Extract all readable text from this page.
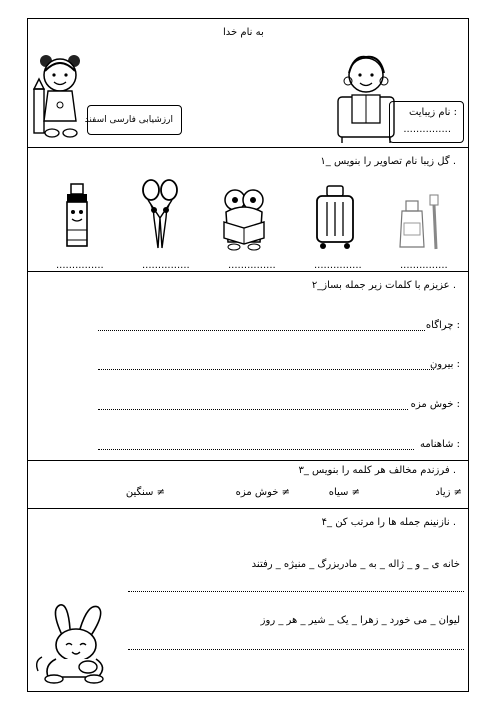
به نام خدا
ارزشیابی فارسی اسفند
نام زیبایت :
...............
۱_ گل زیبا نام تصاویر را بنویس .
...............
...............
...............
...............
...............
۲_عزیزم با کلمات زیر جمله بساز .
چراگاه :
بیرون :
خوش مزه :
شاهنامه :
۳_ فرزندم مخالف هر کلمه را بنویس .
زیاد ≠
سیاه ≠
خوش مزه ≠
سنگین ≠
۴_ نازنینم جمله ها را مرتب کن .
خانه ی _ و _ ژاله _ به _ مادربزرگ _ منیژه _ رفتند
لیوان _ می خورد _ زهرا _ یک _ شیر _ هر _ روز
